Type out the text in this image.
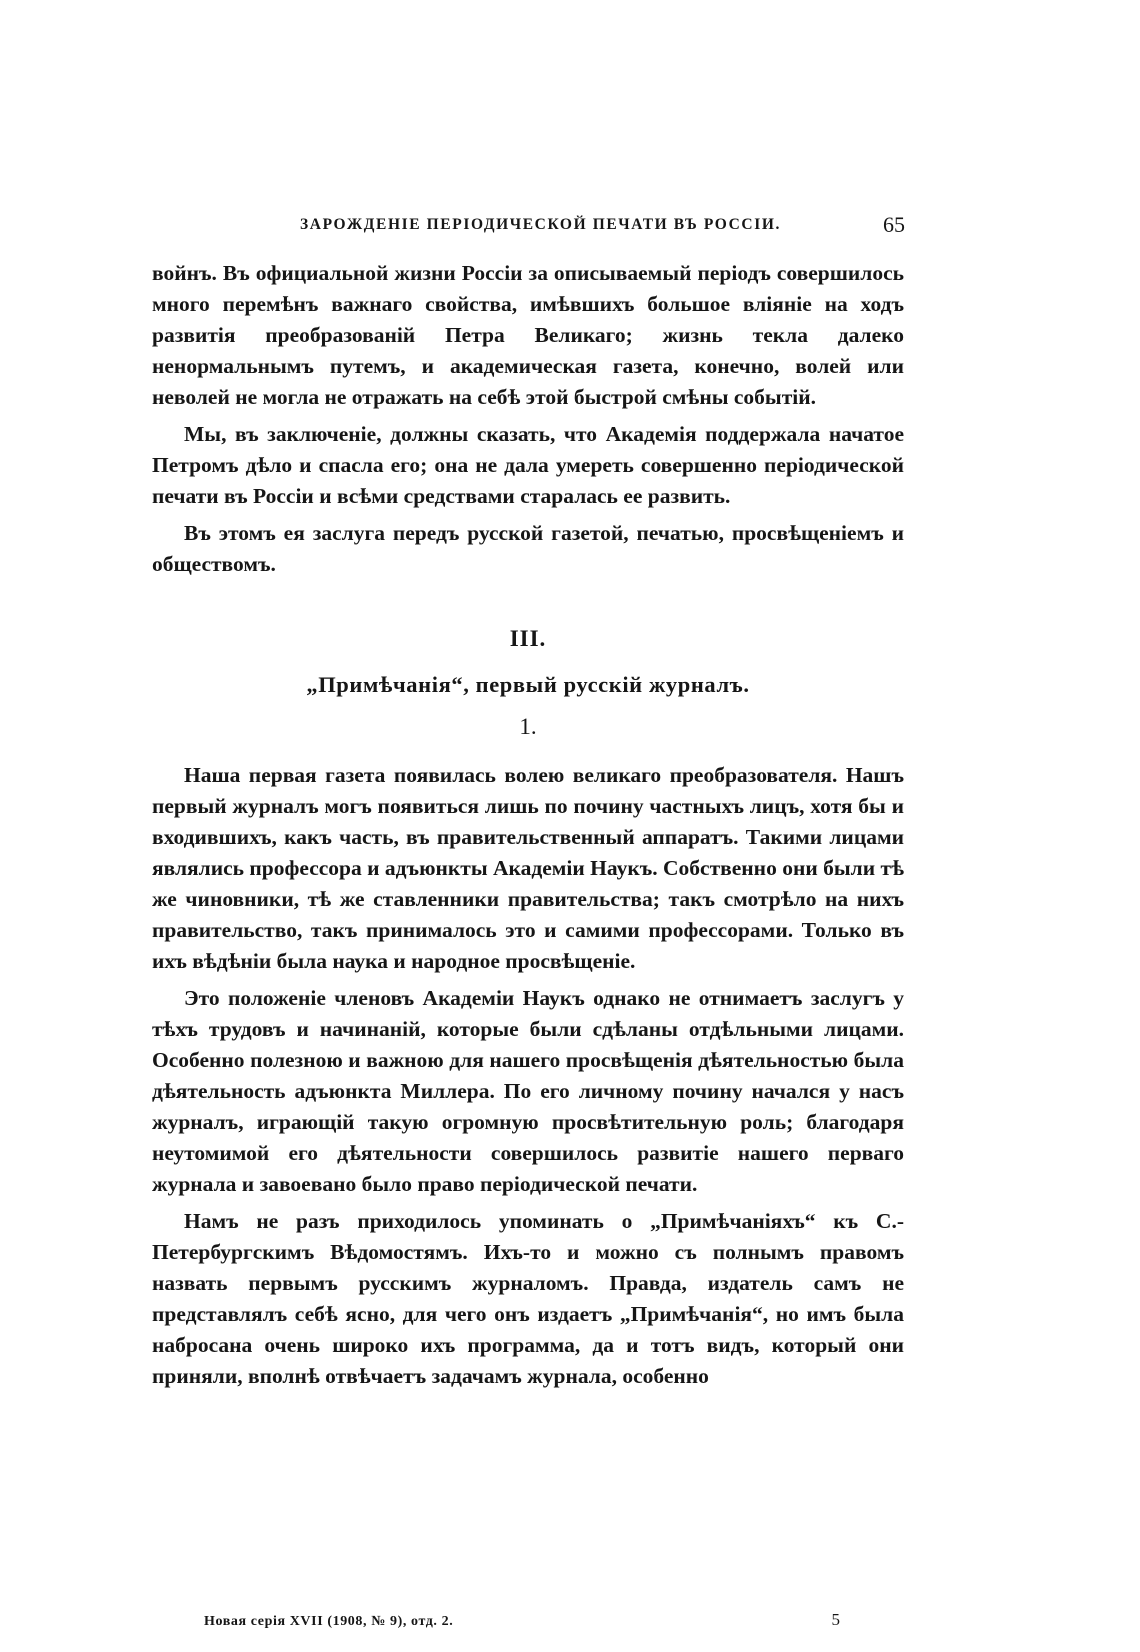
ЗАРОЖДЕНІЕ ПЕРІОДИЧЕСКОЙ ПЕЧАТИ ВЪ РОССІИ.	65

войнъ. Въ официальной жизни Россіи за описываемый періодъ совершилось много перемѣнъ важнаго свойства, имѣвшихъ большое вліяніе на ходъ развитія преобразованій Петра Великаго; жизнь текла далеко ненормальнымъ путемъ, и академическая газета, конечно, волей или неволей не могла не отражать на себѣ этой быстрой смѣны событій.

Мы, въ заключеніе, должны сказать, что Академія поддержала начатое Петромъ дѣло и спасла его; она не дала умереть совершенно періодической печати въ Россіи и всѣми средствами старалась ее развить.

Въ этомъ ея заслуга передъ русской газетой, печатью, просвѣщеніемъ и обществомъ.

III.
„Примѣчанія“, первый русскій журналъ.
1.

Наша первая газета появилась волею великаго преобразователя. Нашъ первый журналъ могъ появиться лишь по почину частныхъ лицъ, хотя бы и входившихъ, какъ часть, въ правительственный аппаратъ. Такими лицами являлись профессора и адъюнкты Академіи Наукъ. Собственно они были тѣ же чиновники, тѣ же ставленники правительства; такъ смотрѣло на нихъ правительство, такъ принималось это и самими профессорами. Только въ ихъ вѣдѣніи была наука и народное просвѣщеніе.

Это положеніе членовъ Академіи Наукъ однако не отнимаетъ заслугъ у тѣхъ трудовъ и начинаній, которые были сдѣланы отдѣльными лицами. Особенно полезною и важною для нашего просвѣщенія дѣятельностью была дѣятельность адъюнкта Миллера. По его личному почину начался у насъ журналъ, играющій такую огромную просвѣтительную роль; благодаря неутомимой его дѣятельности совершилось развитіе нашего перваго журнала и завоевано было право періодической печати.

Намъ не разъ приходилось упоминать о „Примѣчаніяхъ“ къ С.-Петербургскимъ Вѣдомостямъ. Ихъ-то и можно съ полнымъ правомъ назвать первымъ русскимъ журналомъ. Правда, издатель самъ не представлялъ себѣ ясно, для чего онъ издаетъ „Примѣчанія“, но имъ была набросана очень широко ихъ программа, да и тотъ видъ, который они приняли, вполнѣ отвѣчаетъ задачамъ журнала, особенно

Новая серія XVII (1908, № 9), отд. 2.	5
